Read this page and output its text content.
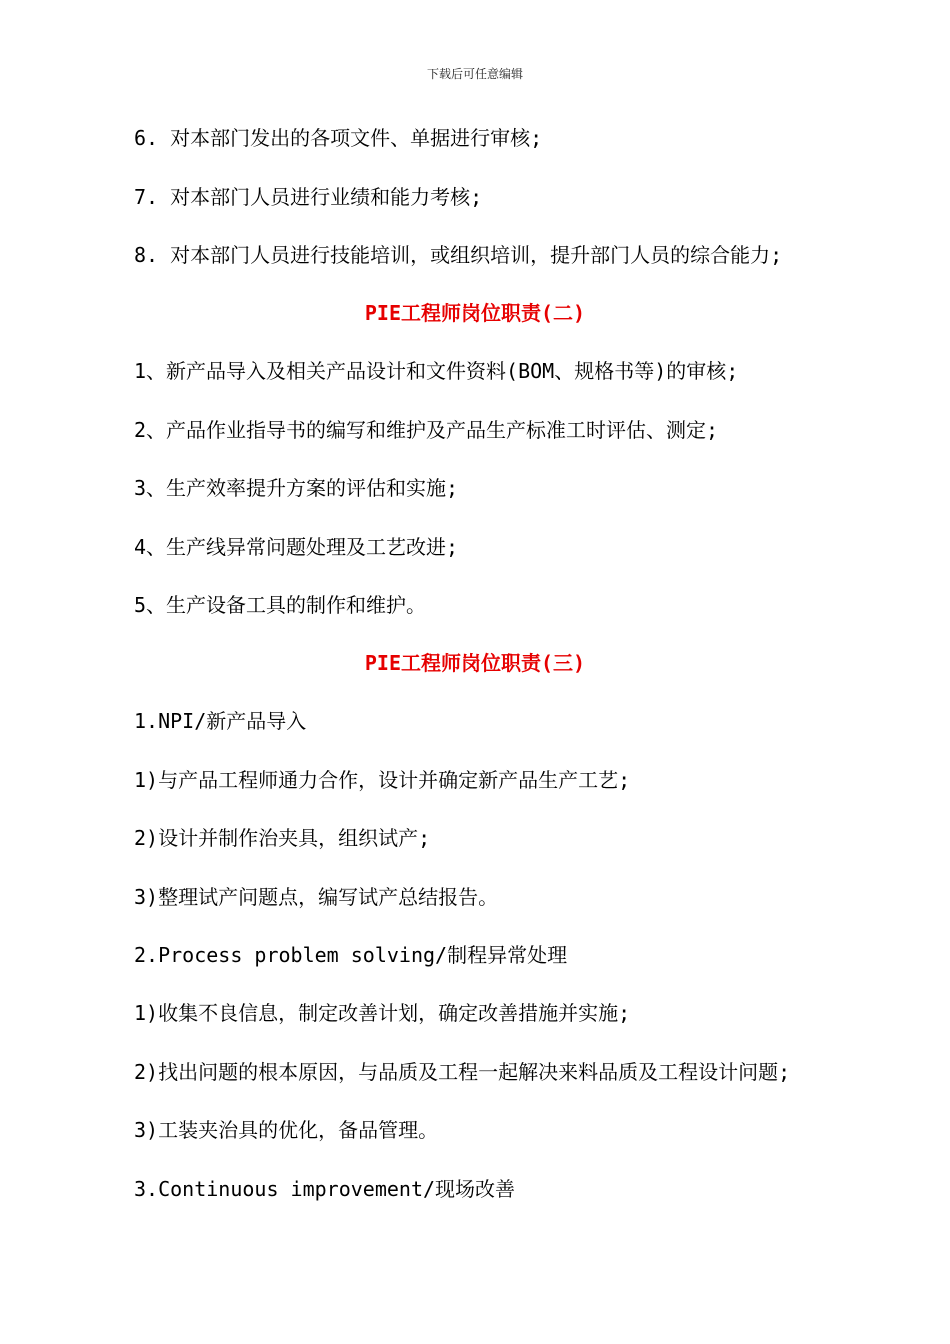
下载后可任意编辑
6. 对本部门发出的各项文件、单据进行审核;
7. 对本部门人员进行业绩和能力考核;
8. 对本部门人员进行技能培训，或组织培训，提升部门人员的综合能力;
PIE工程师岗位职责(二)
1、新产品导入及相关产品设计和文件资料(BOM、规格书等)的审核;
2、产品作业指导书的编写和维护及产品生产标准工时评估、测定;
3、生产效率提升方案的评估和实施;
4、生产线异常问题处理及工艺改进;
5、生产设备工具的制作和维护。
PIE工程师岗位职责(三)
1.NPI/新产品导入
1)与产品工程师通力合作，设计并确定新产品生产工艺;
2)设计并制作治夹具，组织试产;
3)整理试产问题点，编写试产总结报告。
2.Process problem solving/制程异常处理
1)收集不良信息，制定改善计划，确定改善措施并实施;
2)找出问题的根本原因，与品质及工程一起解决来料品质及工程设计问题;
3)工装夹治具的优化，备品管理。
3.Continuous improvement/现场改善
